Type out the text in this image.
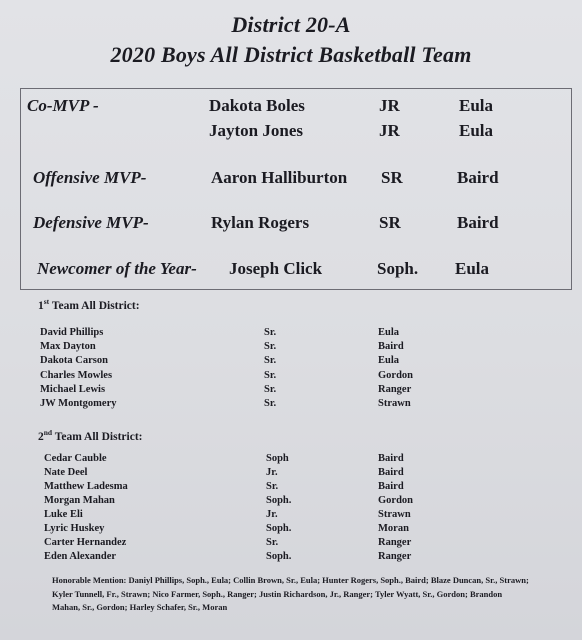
District 20-A
2020 Boys All District Basketball Team
Co-MVP -	Dakota Boles	JR	Eula
Jayton Jones	JR	Eula
Offensive MVP-	Aaron Halliburton SR	Baird
Defensive MVP-	Rylan Rogers	SR	Baird
Newcomer of the Year- Joseph Click	Soph. Eula
1st Team All District:
David Phillips	Sr.	Eula
Max Dayton	Sr.	Baird
Dakota Carson	Sr.	Eula
Charles Mowles	Sr.	Gordon
Michael Lewis	Sr.	Ranger
JW Montgomery	Sr.	Strawn
2nd Team All District:
Cedar Cauble	Soph	Baird
Nate Deel	Jr.	Baird
Matthew Ladesma	Sr.	Baird
Morgan Mahan	Soph.	Gordon
Luke Eli	Jr.	Strawn
Lyric Huskey	Soph.	Moran
Carter Hernandez	Sr.	Ranger
Eden Alexander	Soph.	Ranger
Honorable Mention: Daniyl Phillips, Soph., Eula; Collin Brown, Sr., Eula; Hunter Rogers, Soph., Baird; Blaze Duncan, Sr., Strawn; Kyler Tunnell, Fr., Strawn; Nico Farmer, Soph., Ranger; Justin Richardson, Jr., Ranger; Tyler Wyatt, Sr., Gordon; Brandon Mahan, Sr., Gordon; Harley Schafer, Sr., Moran
